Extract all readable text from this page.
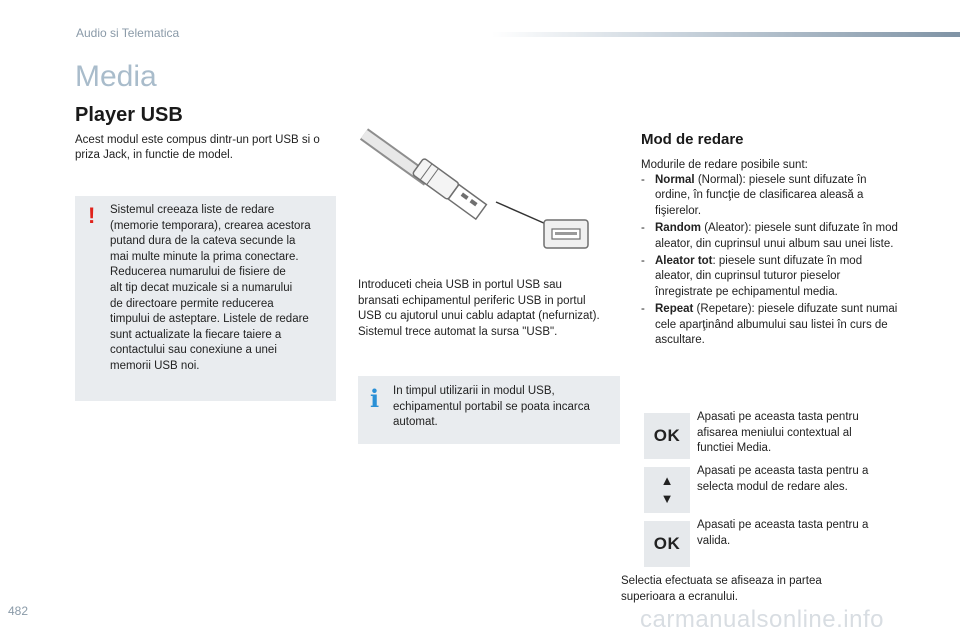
Audio si Telematica
Media
Player USB
Acest modul este compus dintr-un port USB si o priza Jack, in functie de model.
! Sistemul creeaza liste de redare
(memorie temporara), crearea acestora
putand dura de la cateva secunde la
mai multe minute la prima conectare.
Reducerea numarului de fisiere de
alt tip decat muzicale si a numarului
de directoare permite reducerea
timpului de asteptare. Listele de redare
sunt actualizate la fiecare taiere a
contactului sau conexiune a unei
memorii USB noi.
Introduceti cheia USB in portul USB sau
bransati echipamentul periferic USB in portul
USB cu ajutorul unui cablu adaptat (nefurnizat).
Sistemul trece automat la sursa "USB".
i In timpul utilizarii in modul USB,
echipamentul portabil se poata incarca
automat.
Mod de redare
Modurile de redare posibile sunt:
- Normal (Normal): piesele sunt difuzate în ordine, în funcţie de clasificarea aleasă a fişierelor.
- Random (Aleator): piesele sunt difuzate în mod aleator, din cuprinsul unui album sau unei liste.
- Aleator tot: piesele sunt difuzate în mod aleator, din cuprinsul tuturor pieselor înregistrate pe echipamentul media.
- Repeat (Repetare): piesele difuzate sunt numai cele aparţinând albumului sau listei în curs de ascultare.
OK
Apasati pe aceasta tasta pentru
afisarea meniului contextual al
functiei Media.
▲
▼
Apasati pe aceasta tasta pentru a
selecta modul de redare ales.
OK
Apasati pe aceasta tasta pentru a
valida.
Selectia efectuata se afiseaza in partea
superioara a ecranului.
482	carmanualsonline.info
